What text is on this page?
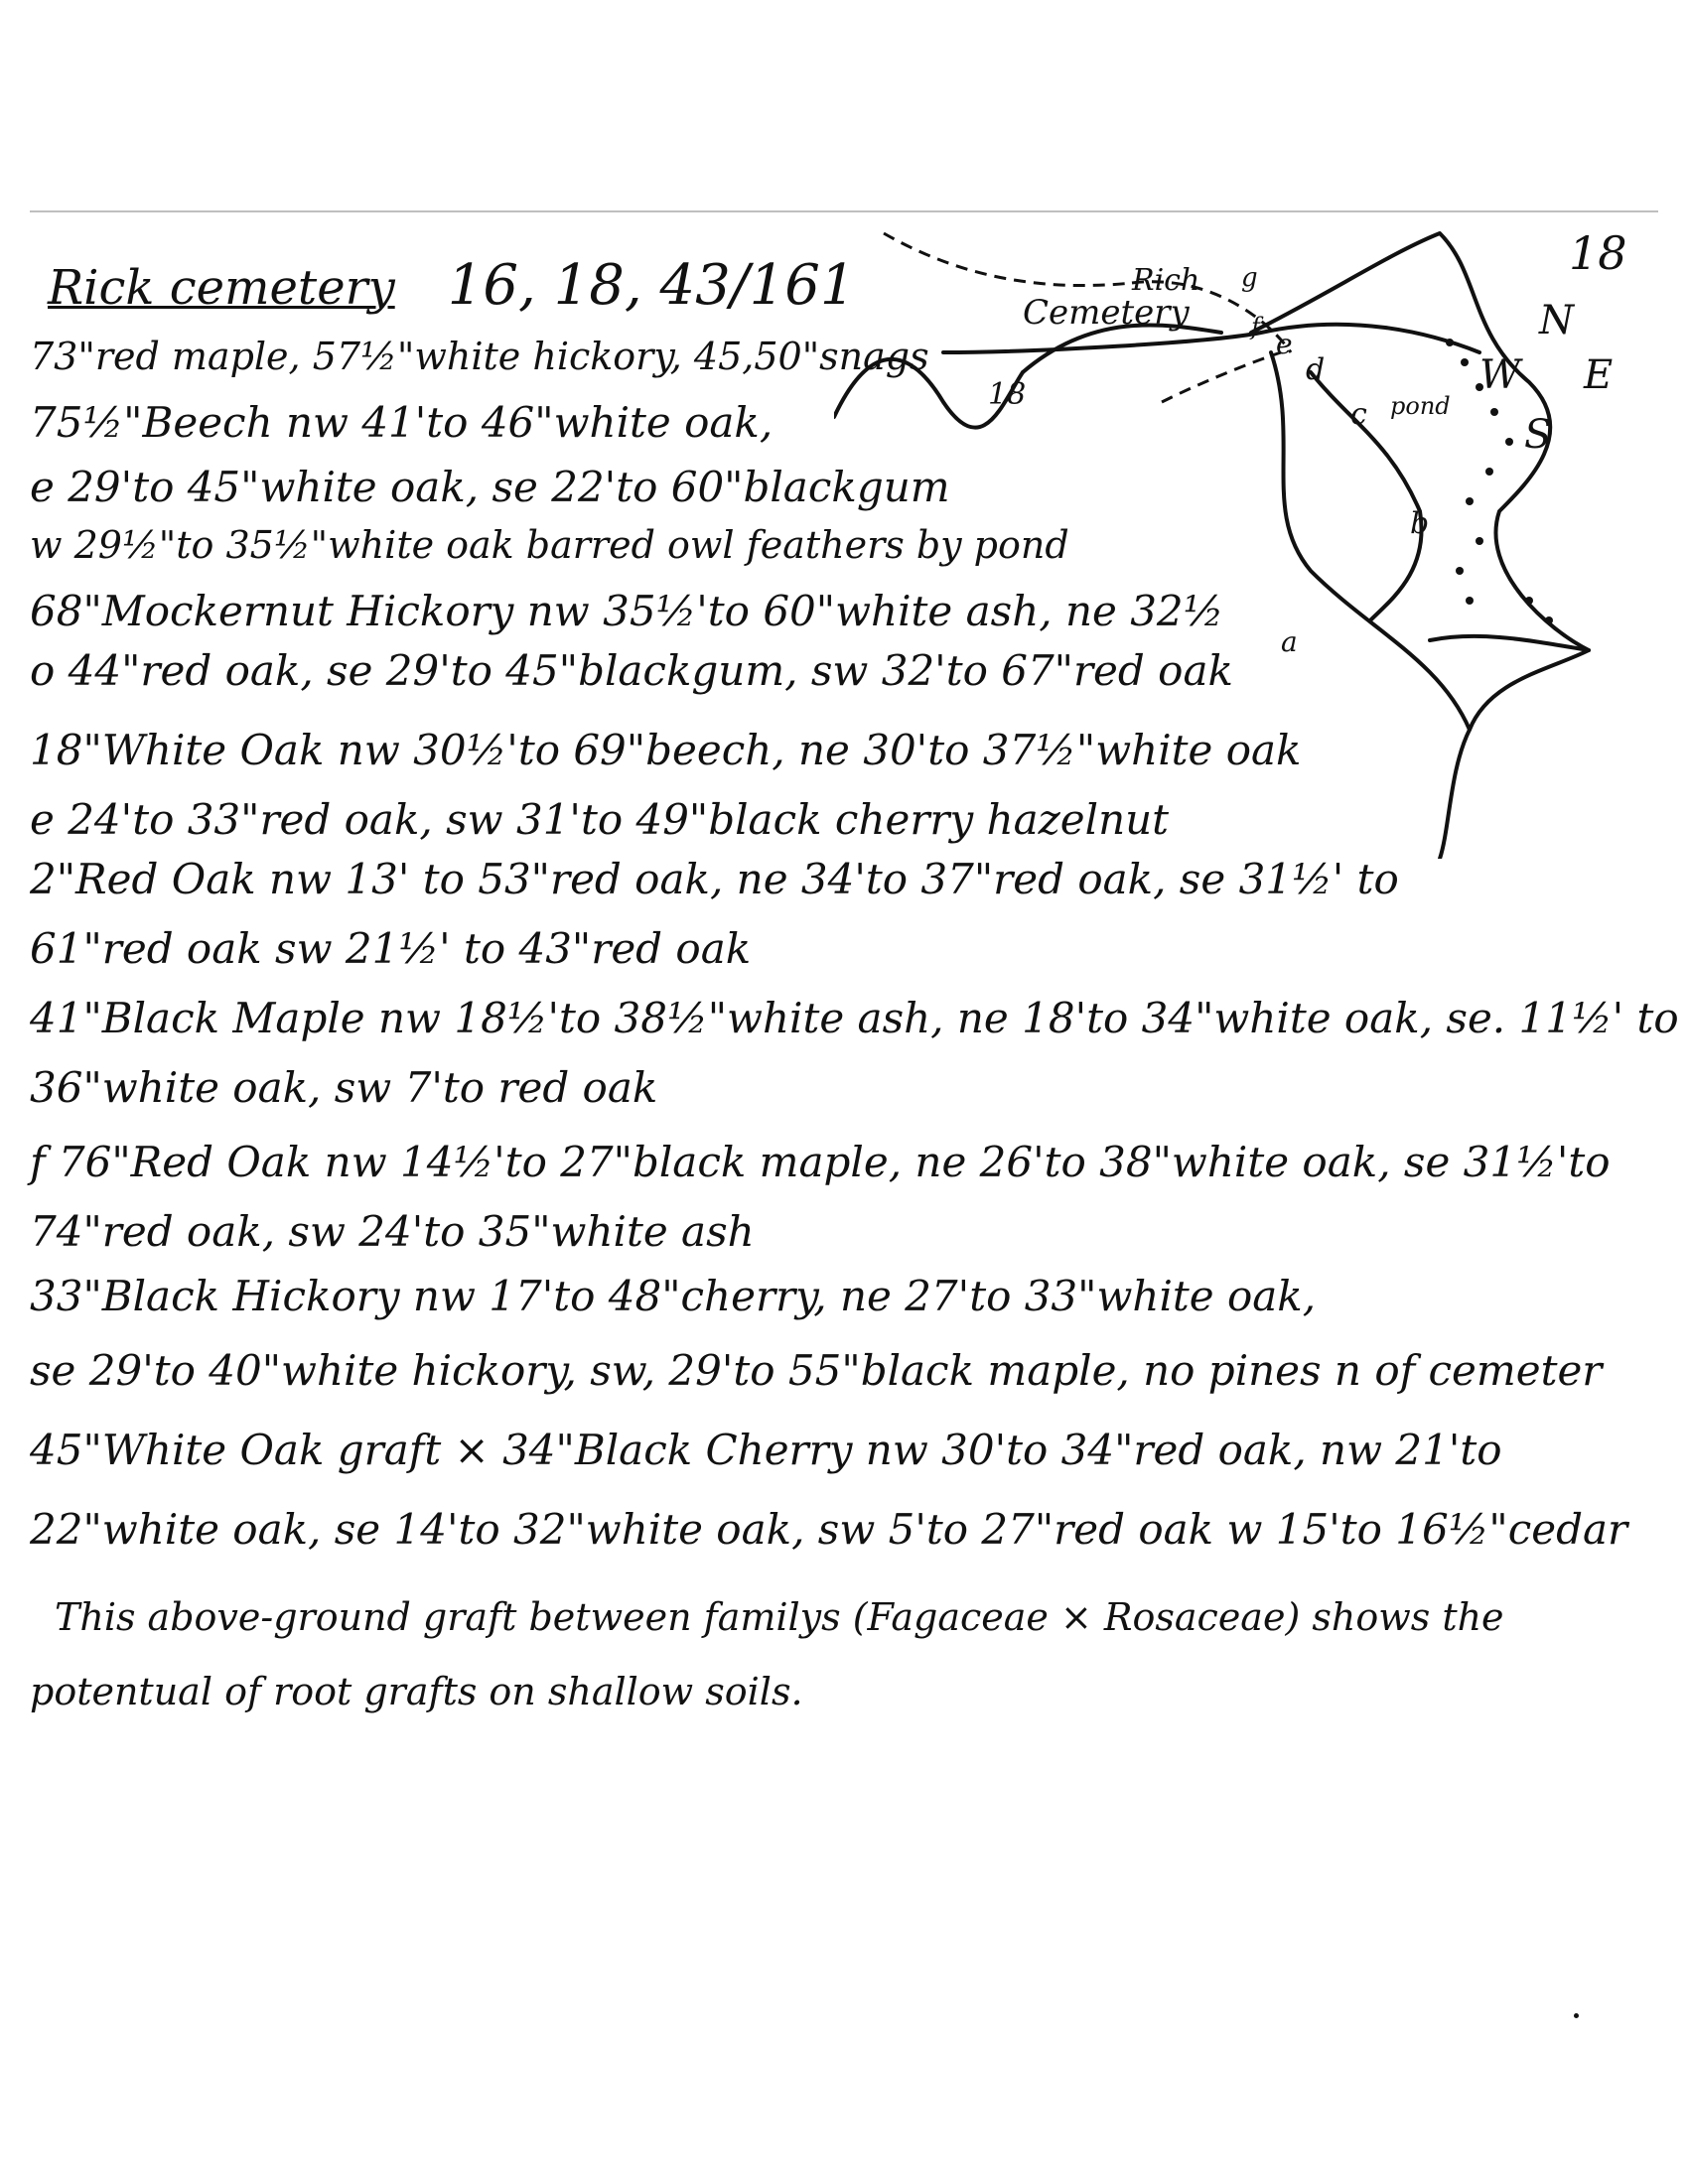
18
Rick cemetery 16, 18, 43/161	Rich
Cemetery
18	pond
a
b
c
d
e
f
g
N
W E
S
73"red maple, 57½"white hickory, 45,50"snags
75½"Beech nw 41'to 46"white oak,
e 29'to 45"white oak, se 22'to 60"blackgum
w 29½"to 35½"white oak barred owl feathers by pond
68"Mockernut Hickory nw 35½'to 60"white ash, ne 32½
o 44"red oak, se 29'to 45"blackgum, sw 32'to 67"red oak
18"White Oak nw 30½'to 69"beech, ne 30'to 37½"white oak
e 24'to 33"red oak, sw 31'to 49"black cherry hazelnut
2"Red Oak nw 13' to 53"red oak, ne 34'to 37"red oak, se 31½' to
61"red oak sw 21½' to 43"red oak
41"Black Maple nw 18½'to 38½"white ash, ne 18'to 34"white oak, se. 11½' to
36"white oak, sw 7'to red oak
f 76"Red Oak nw 14½'to 27"black maple, ne 26'to 38"white oak, se 31½'to
74"red oak, sw 24'to 35"white ash
33"Black Hickory nw 17'to 48"cherry, ne 27'to 33"white oak,
se 29'to 40"white hickory, sw, 29'to 55"black maple, no pines n of cemeter
45"White Oak graft × 34"Black Cherry nw 30'to 34"red oak, nw 21'to
22"white oak, se 14'to 32"white oak, sw 5'to 27"red oak w 15'to 16½"cedar
This above-ground graft between familys (Fagaceae × Rosaceae) shows the
potentual of root grafts on shallow soils.
